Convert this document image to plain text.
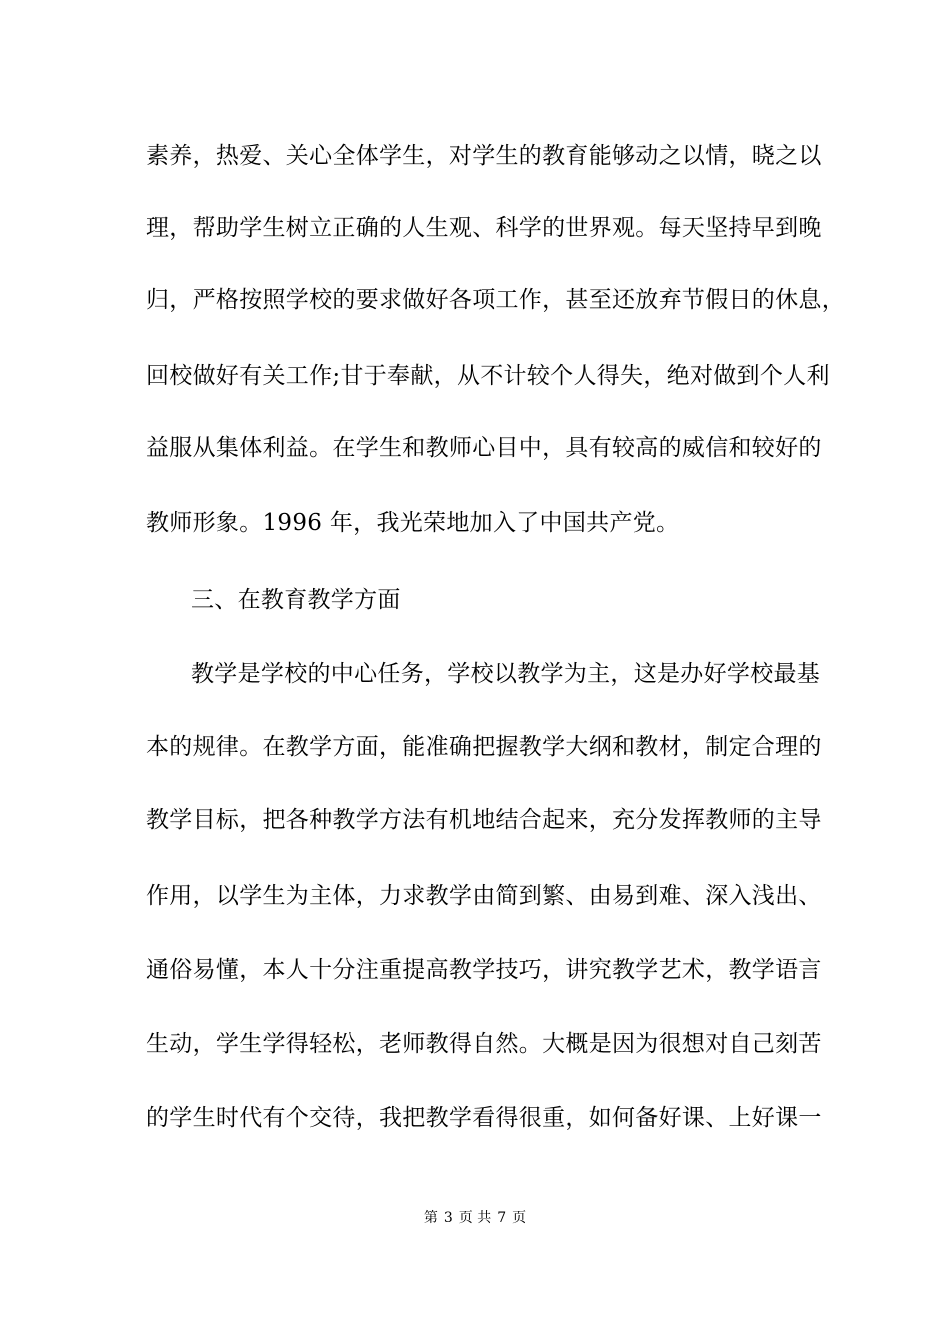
素养，热爱、关心全体学生，对学生的教育能够动之以情，晓之以
理，帮助学生树立正确的人生观、科学的世界观。每天坚持早到晚
归，严格按照学校的要求做好各项工作，甚至还放弃节假日的休息，
回校做好有关工作;甘于奉献，从不计较个人得失，绝对做到个人利
益服从集体利益。在学生和教师心目中，具有较高的威信和较好的
教师形象。1996 年，我光荣地加入了中国共产党。
三、在教育教学方面
教学是学校的中心任务，学校以教学为主，这是办好学校最基
本的规律。在教学方面，能准确把握教学大纲和教材，制定合理的
教学目标，把各种教学方法有机地结合起来，充分发挥教师的主导
作用，以学生为主体，力求教学由简到繁、由易到难、深入浅出、
通俗易懂，本人十分注重提高教学技巧，讲究教学艺术，教学语言
生动，学生学得轻松，老师教得自然。大概是因为很想对自己刻苦
的学生时代有个交待，我把教学看得很重，如何备好课、上好课一
第 3 页 共 7 页
